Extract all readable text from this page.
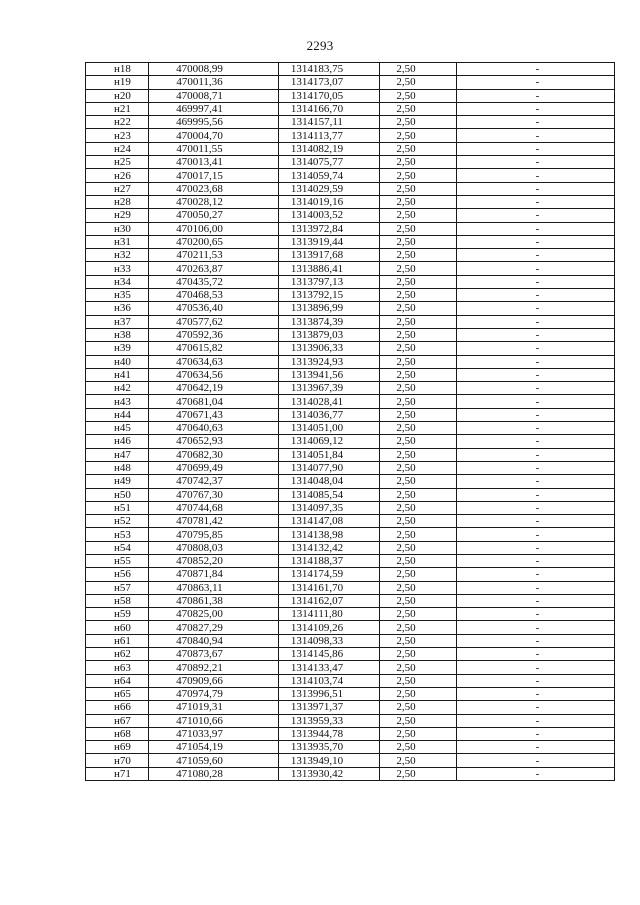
2293
н18	470008,99	1314183,75	2,50	-
н19	470011,36	1314173,07	2,50	-
н20	470008,71	1314170,05	2,50	-
н21	469997,41	1314166,70	2,50	-
н22	469995,56	1314157,11	2,50	-
н23	470004,70	1314113,77	2,50	-
н24	470011,55	1314082,19	2,50	-
н25	470013,41	1314075,77	2,50	-
н26	470017,15	1314059,74	2,50	-
н27	470023,68	1314029,59	2,50	-
н28	470028,12	1314019,16	2,50	-
н29	470050,27	1314003,52	2,50	-
н30	470106,00	1313972,84	2,50	-
н31	470200,65	1313919,44	2,50	-
н32	470211,53	1313917,68	2,50	-
н33	470263,87	1313886,41	2,50	-
н34	470435,72	1313797,13	2,50	-
н35	470468,53	1313792,15	2,50	-
н36	470536,40	1313896,99	2,50	-
н37	470577,62	1313874,39	2,50	-
н38	470592,36	1313879,03	2,50	-
н39	470615,82	1313906,33	2,50	-
н40	470634,63	1313924,93	2,50	-
н41	470634,56	1313941,56	2,50	-
н42	470642,19	1313967,39	2,50	-
н43	470681,04	1314028,41	2,50	-
н44	470671,43	1314036,77	2,50	-
н45	470640,63	1314051,00	2,50	-
н46	470652,93	1314069,12	2,50	-
н47	470682,30	1314051,84	2,50	-
н48	470699,49	1314077,90	2,50	-
н49	470742,37	1314048,04	2,50	-
н50	470767,30	1314085,54	2,50	-
н51	470744,68	1314097,35	2,50	-
н52	470781,42	1314147,08	2,50	-
н53	470795,85	1314138,98	2,50	-
н54	470808,03	1314132,42	2,50	-
н55	470852,20	1314188,37	2,50	-
н56	470871,84	1314174,59	2,50	-
н57	470863,11	1314161,70	2,50	-
н58	470861,38	1314162,07	2,50	-
н59	470825,00	1314111,80	2,50	-
н60	470827,29	1314109,26	2,50	-
н61	470840,94	1314098,33	2,50	-
н62	470873,67	1314145,86	2,50	-
н63	470892,21	1314133,47	2,50	-
н64	470909,66	1314103,74	2,50	-
н65	470974,79	1313996,51	2,50	-
н66	471019,31	1313971,37	2,50	-
н67	471010,66	1313959,33	2,50	-
н68	471033,97	1313944,78	2,50	-
н69	471054,19	1313935,70	2,50	-
н70	471059,60	1313949,10	2,50	-
н71	471080,28	1313930,42	2,50	-
